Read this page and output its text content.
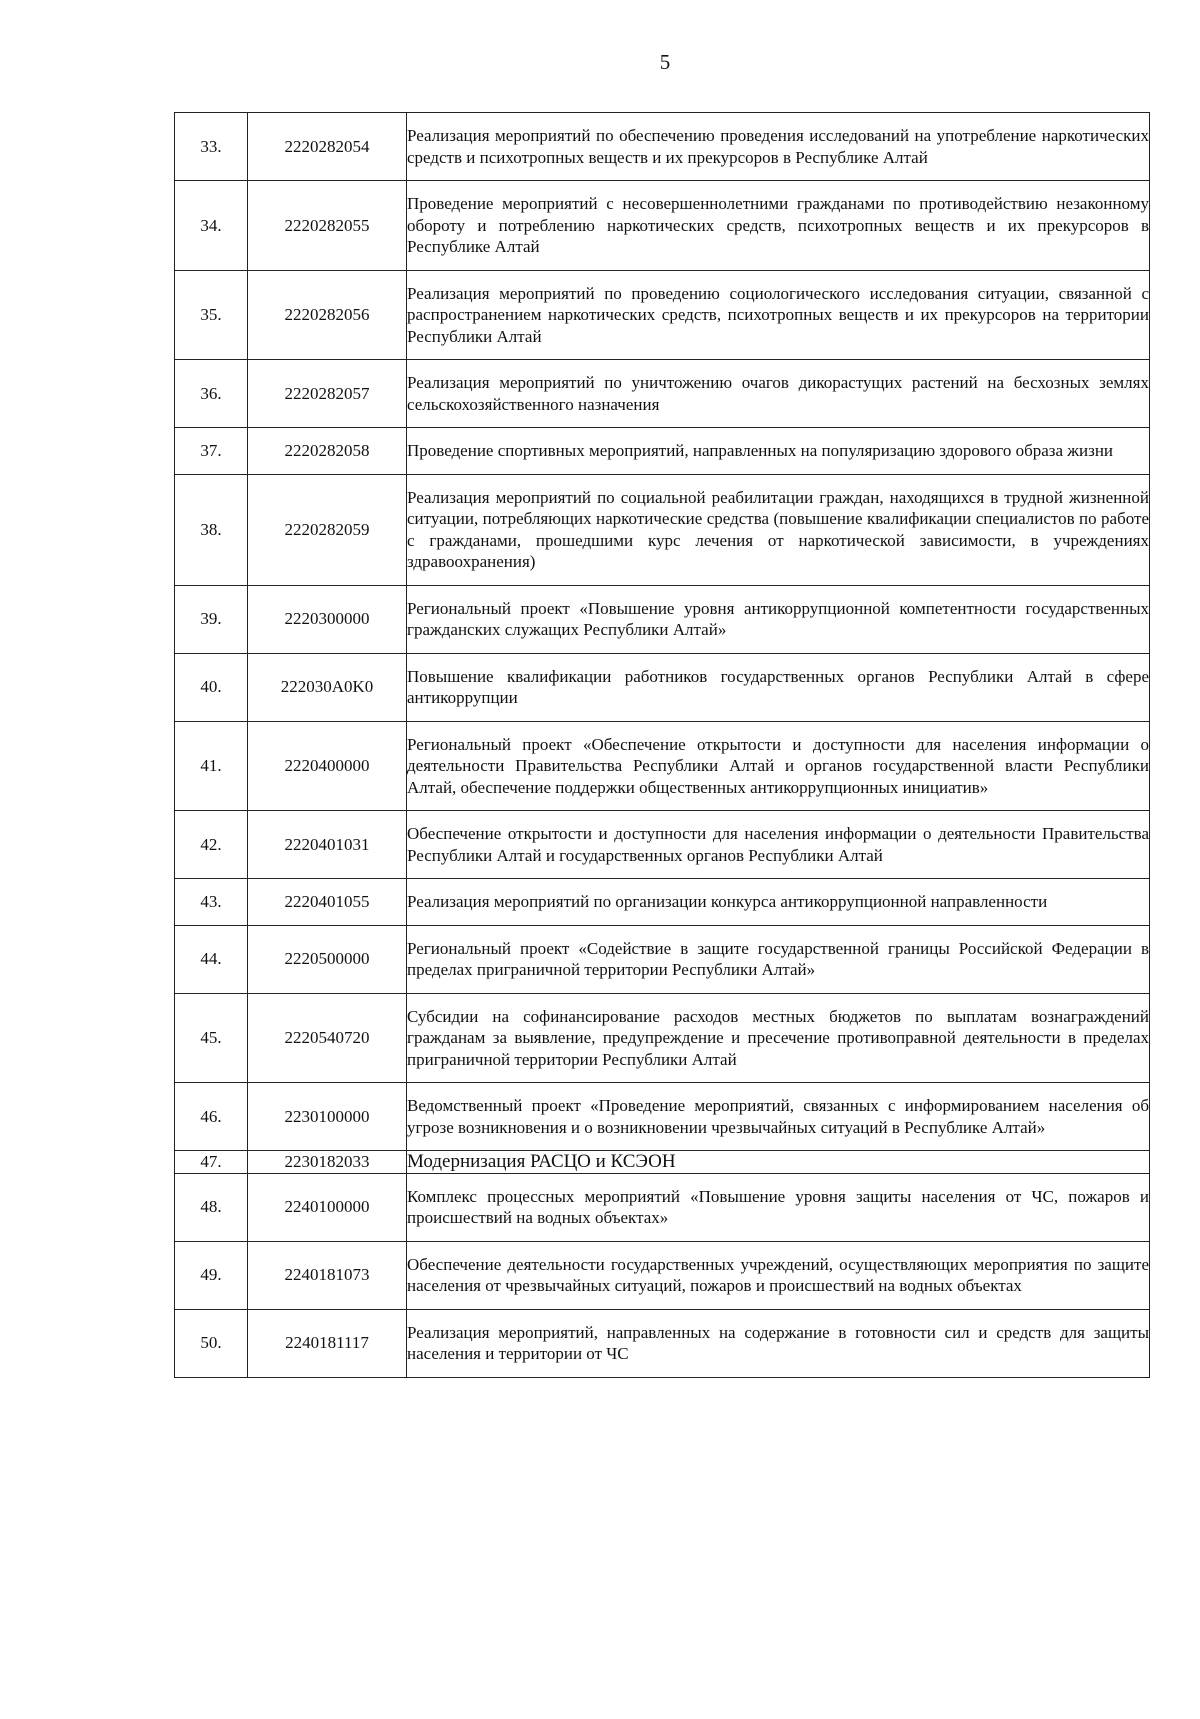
5
33.	2220282054	Реализация мероприятий по обеспечению проведения исследований на употребление наркотических средств и психотропных веществ и их прекурсоров в Республике Алтай
34.	2220282055	Проведение мероприятий с несовершеннолетними гражданами по противодействию незаконному обороту и потреблению наркотических средств, психотропных веществ и их прекурсоров в Республике Алтай
35.	2220282056	Реализация мероприятий по проведению социологического исследования ситуации, связанной с распространением наркотических средств, психотропных веществ и их прекурсоров на территории Республики Алтай
36.	2220282057	Реализация мероприятий по уничтожению очагов дикорастущих растений на бесхозных землях сельскохозяйственного назначения
37.	2220282058	Проведение спортивных мероприятий, направленных на популяризацию здорового образа жизни
38.	2220282059	Реализация мероприятий по социальной реабилитации граждан, находящихся в трудной жизненной ситуации, потребляющих наркотические средства (повышение квалификации специалистов по работе с гражданами, прошедшими курс лечения от наркотической зависимости, в учреждениях здравоохранения)
39.	2220300000	Региональный проект «Повышение уровня антикоррупционной компетентности государственных гражданских служащих Республики Алтай»
40.	222030A0K0	Повышение квалификации работников государственных органов Республики Алтай в сфере антикоррупции
41.	2220400000	Региональный проект «Обеспечение открытости и доступности для населения информации о деятельности Правительства Республики Алтай и органов государственной власти Республики Алтай, обеспечение поддержки общественных антикоррупционных инициатив»
42.	2220401031	Обеспечение открытости и доступности для населения информации о деятельности Правительства Республики Алтай и государственных органов Республики Алтай
43.	2220401055	Реализация мероприятий по организации конкурса антикоррупционной направленности
44.	2220500000	Региональный проект «Содействие в защите государственной границы Российской Федерации в пределах приграничной территории Республики Алтай»
45.	2220540720	Субсидии на софинансирование расходов местных бюджетов по выплатам вознаграждений гражданам за выявление, предупреждение и пресечение противоправной деятельности в пределах приграничной территории Республики Алтай
46.	2230100000	Ведомственный проект «Проведение мероприятий, связанных с информированием населения об угрозе возникновения и о возникновении чрезвычайных ситуаций в Республике Алтай»
47.	2230182033	Модернизация РАСЦО и КСЭОН
48.	2240100000	Комплекс процессных мероприятий «Повышение уровня защиты населения от ЧС, пожаров и происшествий на водных объектах»
49.	2240181073	Обеспечение деятельности государственных учреждений, осуществляющих мероприятия по защите населения от чрезвычайных ситуаций, пожаров и происшествий на водных объектах
50.	2240181117	Реализация мероприятий, направленных на содержание в готовности сил и средств для защиты населения и территории от ЧС
